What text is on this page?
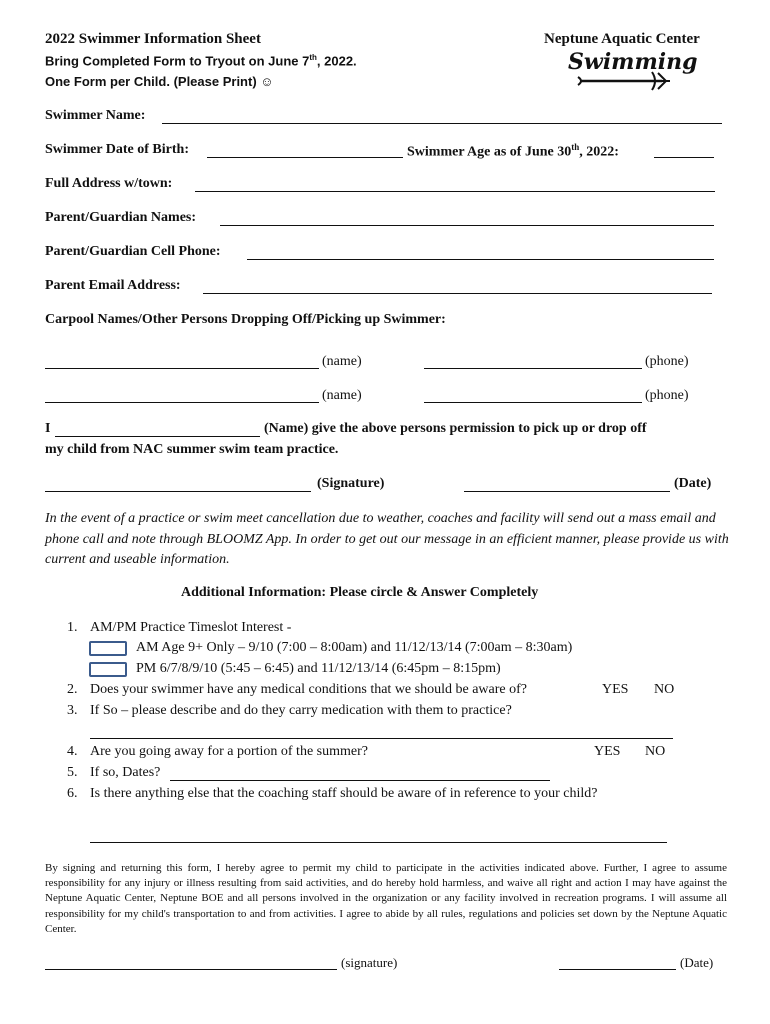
2022 Swimmer Information Sheet
Bring Completed Form to Tryout on June 7th, 2022.
One Form per Child. (Please Print) ☺
Neptune Aquatic Center
Swimming
Swimmer Name:
Swimmer Date of Birth:	Swimmer Age as of June 30th, 2022:
Full Address w/town:
Parent/Guardian Names:
Parent/Guardian Cell Phone:
Parent Email Address:
Carpool Names/Other Persons Dropping Off/Picking up Swimmer:
(name)	(phone)
(name)	(phone)
I	(Name) give the above persons permission to pick up or drop off
my child from NAC summer swim team practice.
(Signature)	(Date)
In the event of a practice or swim meet cancellation due to weather, coaches and facility will send out a mass email and phone call and note through BLOOMZ App. In order to get out our message in an efficient manner, please provide us with current and useable information.
Additional Information: Please circle & Answer Completely
1. AM/PM Practice Timeslot Interest -
AM Age 9+ Only – 9/10 (7:00 – 8:00am) and 11/12/13/14 (7:00am – 8:30am)
PM 6/7/8/9/10 (5:45 – 6:45) and 11/12/13/14 (6:45pm – 8:15pm)
2. Does your swimmer have any medical conditions that we should be aware of?	YES NO
3. If So – please describe and do they carry medication with them to practice?
4. Are you going away for a portion of the summer?	YES NO
5. If so, Dates?
6. Is there anything else that the coaching staff should be aware of in reference to your child?
By signing and returning this form, I hereby agree to permit my child to participate in the activities indicated above. Further, I agree to assume responsibility for any injury or illness resulting from said activities, and do hereby hold harmless, and waive all right and action I may have against the Neptune Aquatic Center, Neptune BOE and all persons involved in the organization or any facility involved in recreation programs. I will assume all responsibility for my child's transportation to and from activities. I agree to abide by all rules, regulations and policies set down by the Neptune Aquatic Center.
(signature)	(Date)
